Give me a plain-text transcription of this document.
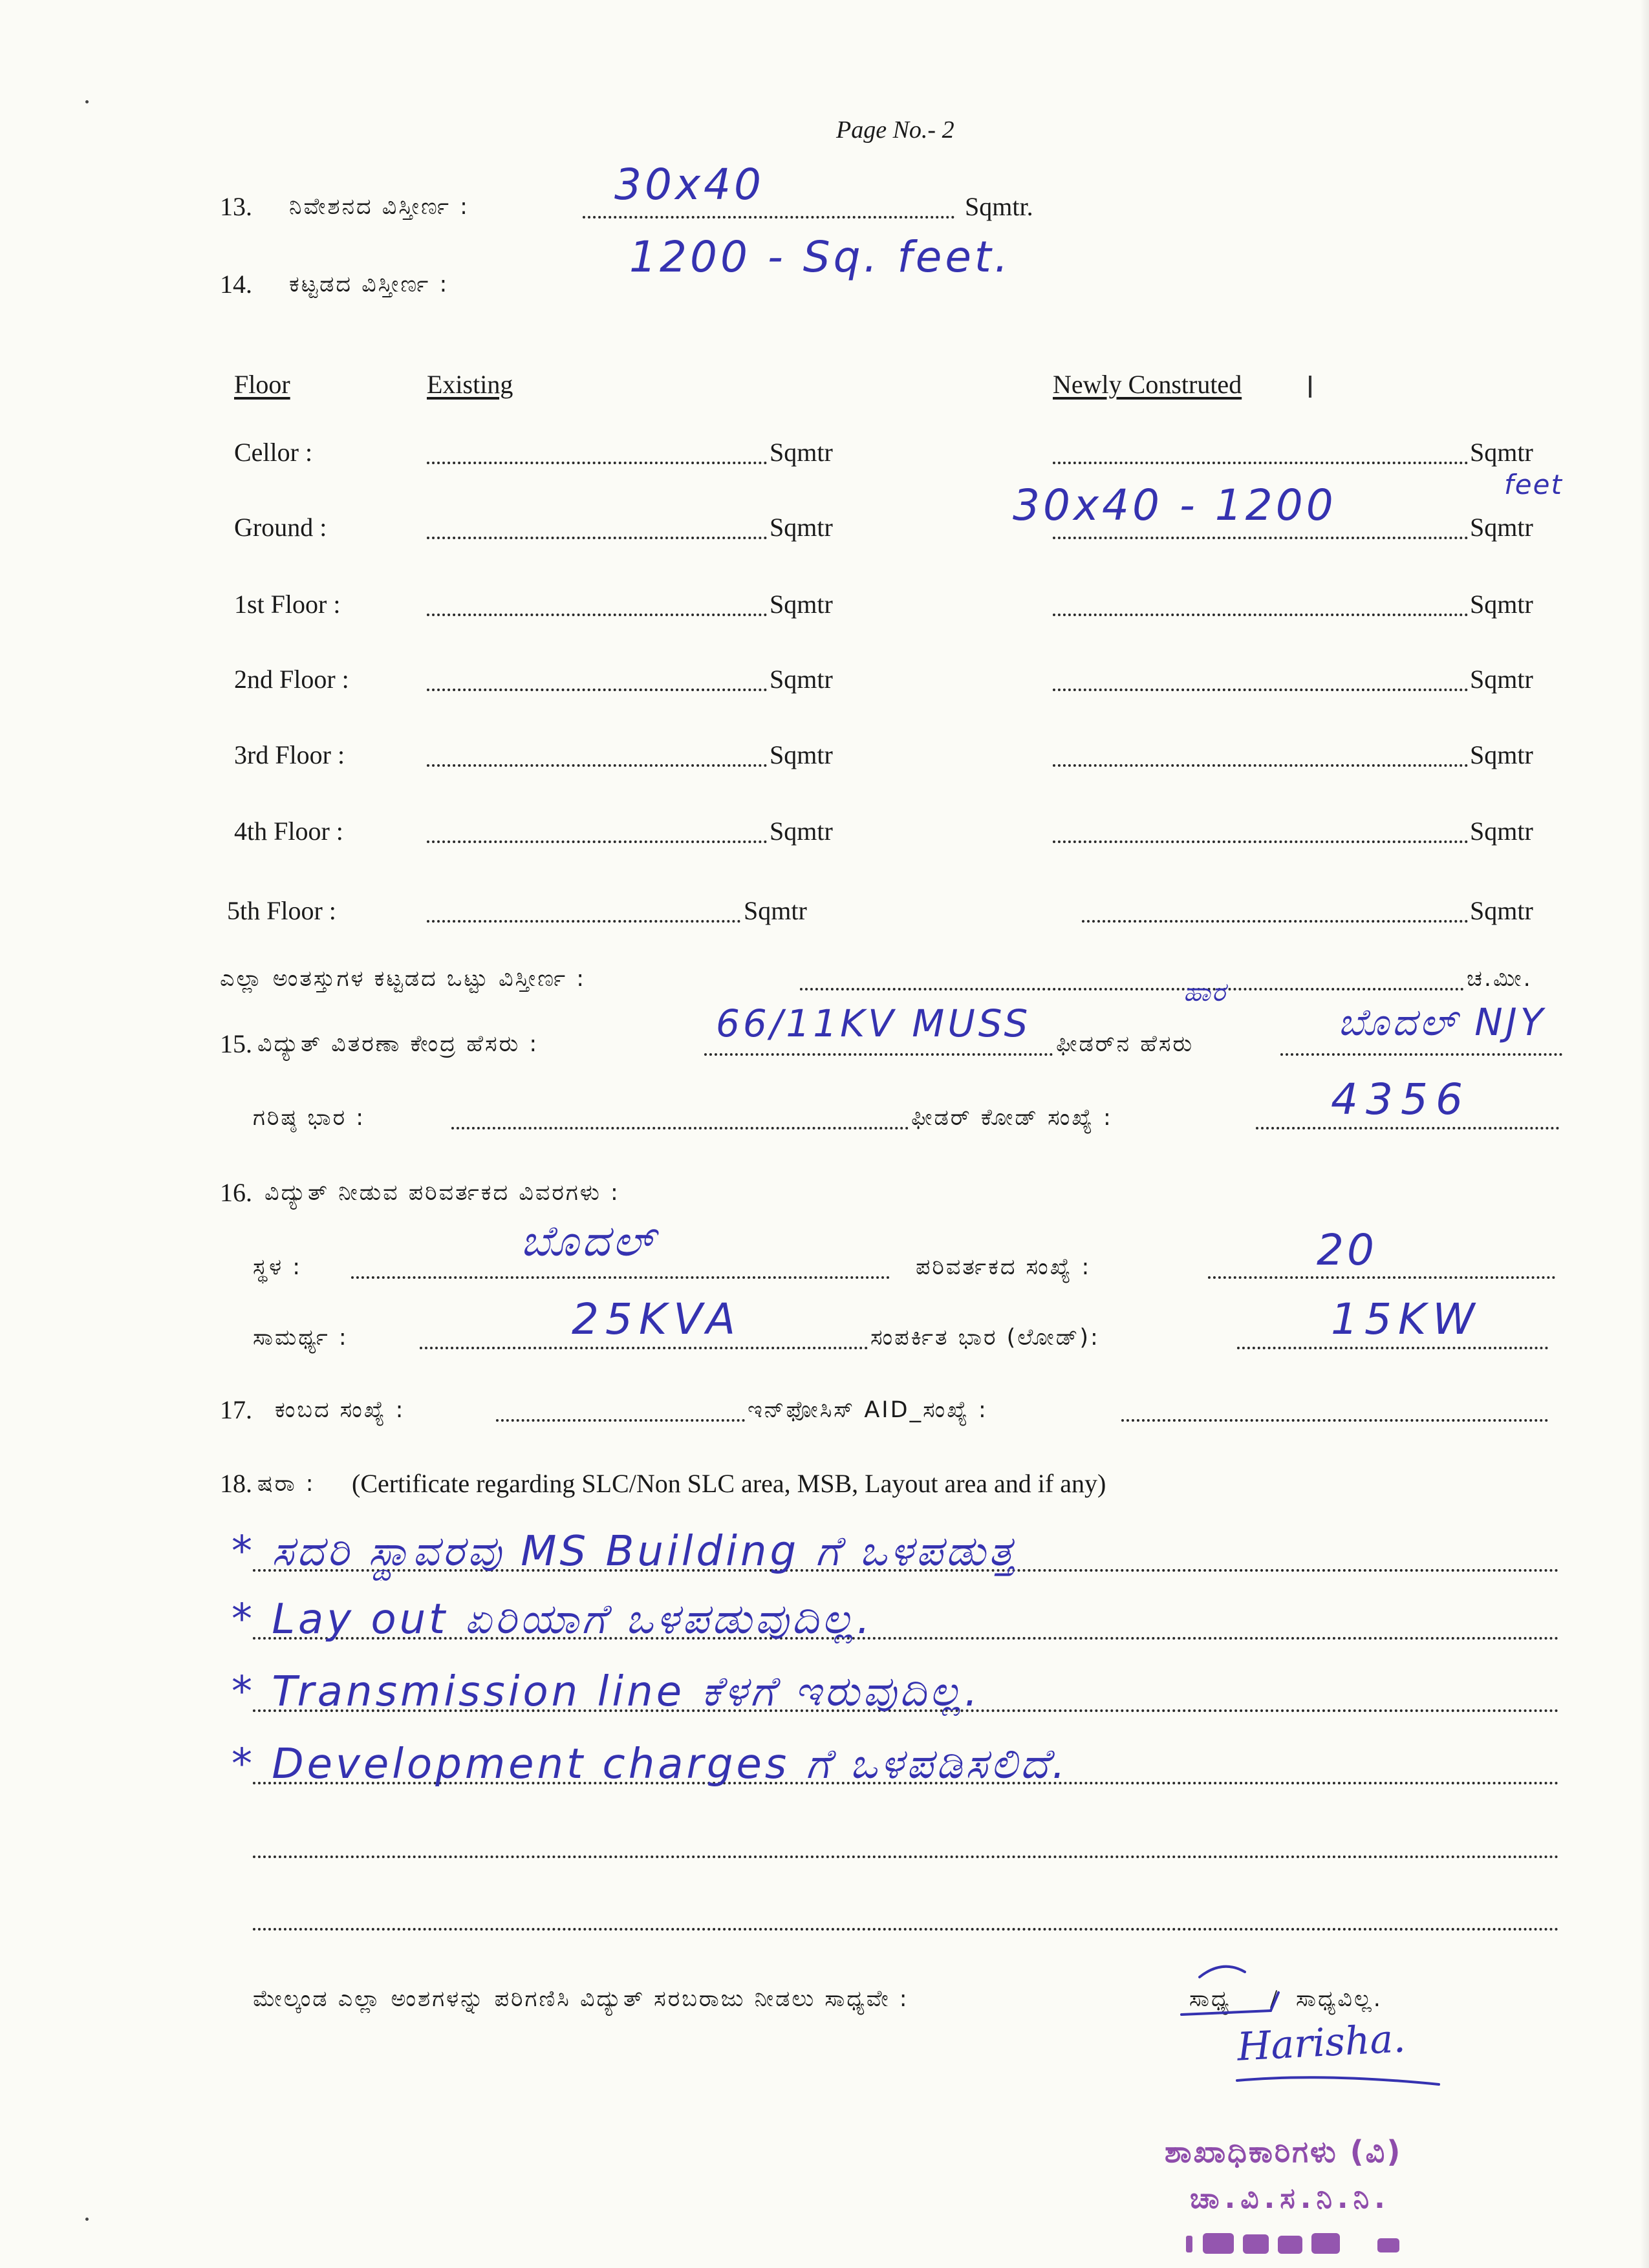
Page No.- 2
13. ನಿವೇಶನದ ವಿಸ್ತೀರ್ಣ :	30x40	Sqmtr.
14. ಕಟ್ಟಡದ ವಿಸ್ತೀರ್ಣ :
1200 - Sq. feet.
Floor	Existing	Newly Construted
Cellor :	Sqmtr	Sqmtr
Ground :	Sqmtr	30x40 - 1200	Sqmtr
feet
1st Floor :	Sqmtr	Sqmtr
2nd Floor :	Sqmtr	Sqmtr
3rd Floor :	Sqmtr	Sqmtr
4th Floor :	Sqmtr	Sqmtr
5th Floor :	Sqmtr	Sqmtr
ಎಲ್ಲಾ ಅಂತಸ್ತುಗಳ ಕಟ್ಟಡದ ಒಟ್ಟು ವಿಸ್ತೀರ್ಣ :	ಚ.ಮೀ.
15. ವಿದ್ಯುತ್ ವಿತರಣಾ ಕೇಂದ್ರ ಹೆಸರು :	66/11KV MUSS
ಹಾರ
ಫೀಡರ್‌ನ ಹೆಸರು	ಬೊದಲ್ NJY
ಗರಿಷ್ಠ ಭಾರ :	ಫೀಡರ್ ಕೋಡ್ ಸಂಖ್ಯೆ :	4356
16. ವಿದ್ಯುತ್ ನೀಡುವ ಪರಿವರ್ತಕದ ವಿವರಗಳು :
ಸ್ಥಳ :
ಬೊದಲ್
ಪರಿವರ್ತಕದ ಸಂಖ್ಯೆ :	20
ಸಾಮರ್ಥ್ಯ :	25KVA	ಸಂಪರ್ಕಿತ ಭಾರ (ಲೋಡ್):	15KW
17. ಕಂಬದ ಸಂಖ್ಯೆ :	ಇನ್‌ಫೋಸಿಸ್ AID_ಸಂಖ್ಯೆ :
18. ಷರಾ : (Certificate regarding SLC/Non SLC area, MSB, Layout area and if any)
* ಸದರಿ ಸ್ಥಾವರವು MS Building ಗೆ ಒಳಪಡುತ್ತ
* Lay out ಏರಿಯಾಗೆ ಒಳಪಡುವುದಿಲ್ಲ.
* Transmission line ಕೆಳಗೆ ಇರುವುದಿಲ್ಲ.
* Development charges ಗೆ ಒಳಪಡಿಸಲಿದೆ.
ಮೇಲ್ಕಂಡ ಎಲ್ಲಾ ಅಂಶಗಳನ್ನು ಪರಿಗಣಿಸಿ ವಿದ್ಯುತ್ ಸರಬರಾಜು ನೀಡಲು ಸಾಧ್ಯವೇ :	ಸಾಧ್ಯ / ಸಾಧ್ಯವಿಲ್ಲ.
Harisha.
ಶಾಖಾಧಿಕಾರಿಗಳು (ವಿ)
ಚಾ.ವಿ.ಸ.ನಿ.ನಿ.
